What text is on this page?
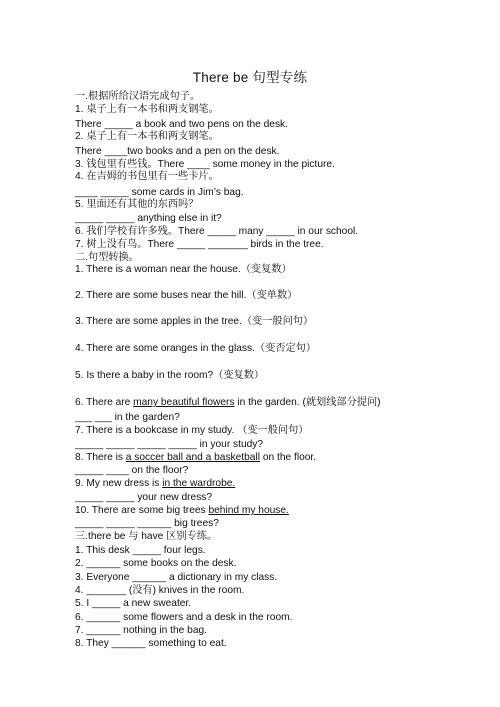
There be 句型专练
一.根据所给汉语完成句子。
1. 桌子上有一本书和两支钢笔。
There _____ a book and two pens on the desk.
2. 桌子上有一本书和两支钢笔。
There ____two books and a pen on the desk.
3. 钱包里有些钱。There ____ some money in the picture.
4. 在吉姆的书包里有一些卡片。
____ _____ some cards in Jim’s bag.
5. 里面还有其他的东西吗？
_____ _____ anything else in it?
6. 我们学校有许多残。There _____ many _____ in our school.
7. 树上没有鸟。There _____ _______ birds in the tree.
二.句型转换。
1. There is a woman near the house.（变复数）
2. There are some buses near the hill.（变单数）
3. There are some apples in the tree.（变一般问句）
4. There are some oranges in the glass.（变否定句）
5. Is there a baby in the room?（变复数）
6. There are many beautiful flowers in the garden. (就划线部分提问)
___ ___ in the garden?
7. There is a bookcase in my study. （变一般问句）
_____ _____ _____ _____ in your study?
8. There is a soccer ball and a basketball on the floor.
_____ ____ on the floor?
9. My new dress is in the wardrobe.
_____ _____ your new dress?
10. There are some big trees behind my house.
_____ _____ ______ big trees?
三.there be 与 have 区别专练。
1. This desk _____ four legs.
2. ______ some books on the desk.
3. Everyone ______ a dictionary in my class.
4. _______ (没有) knives in the room.
5. I _____ a new sweater.
6. ______ some flowers and a desk in the room.
7. ______ nothing in the bag.
8. They ______ something to eat.
